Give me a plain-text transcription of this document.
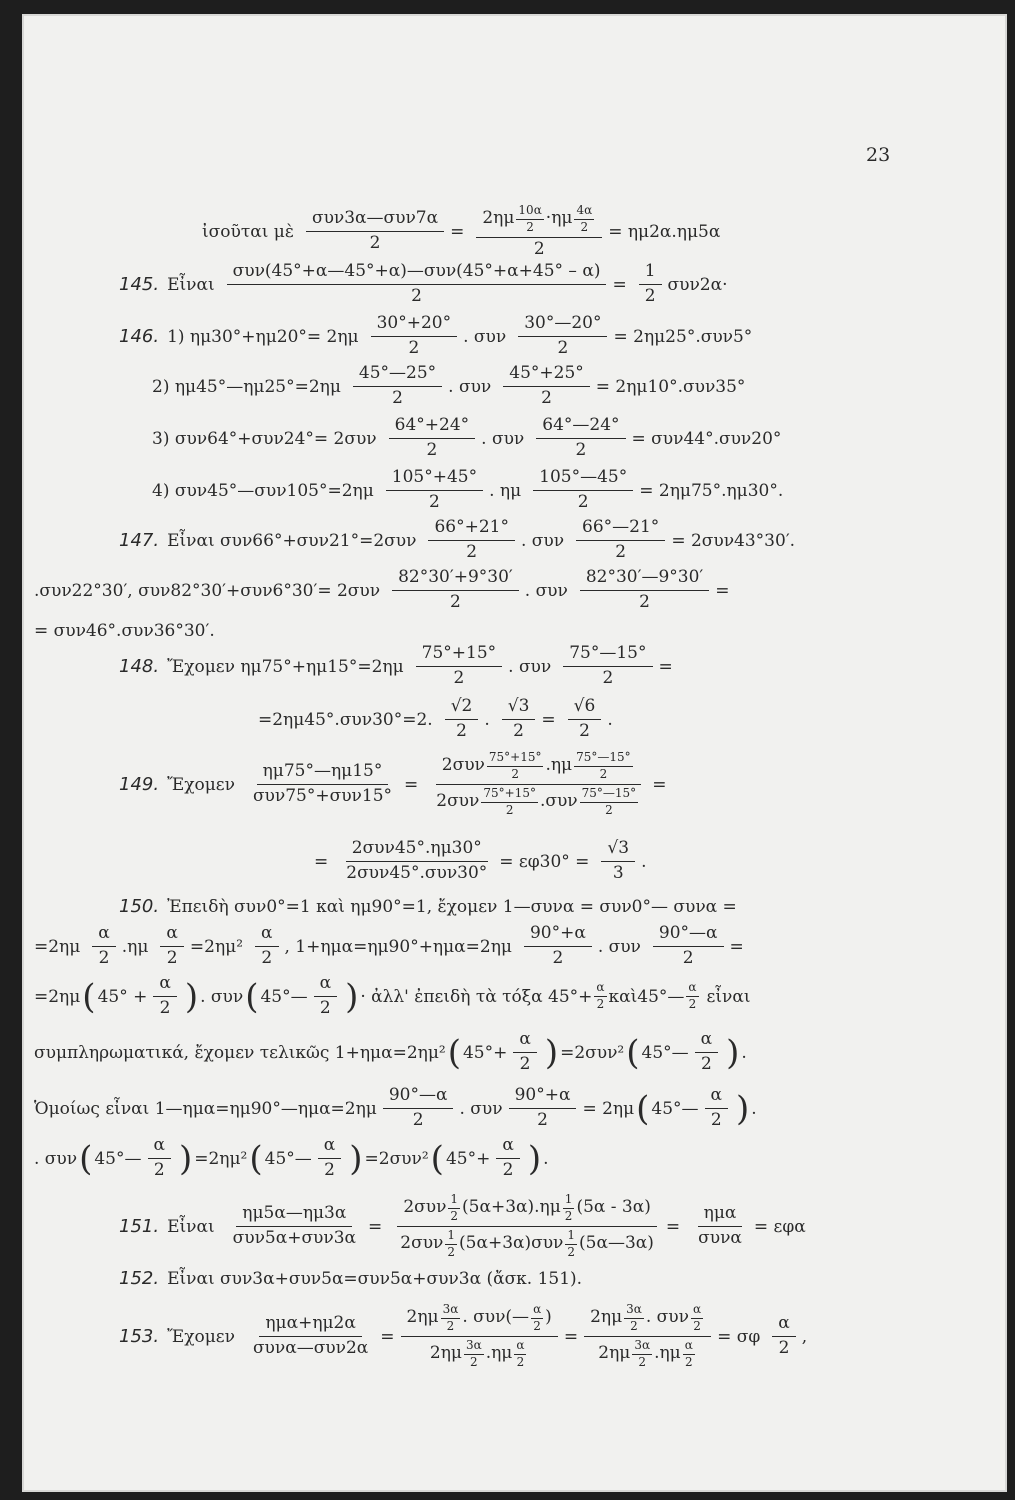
23
ἰσοῦται μὲ $\frac{\text{συν3α—συν7α}}{2} = \frac{2\eta\mu \frac{10\alpha}{2} \cdot\eta\mu \frac{4\alpha}{2}}{2} = \eta\mu 2\alpha.\eta\mu 5\alpha$
145. Εἶναι $\frac{\text{συν(45°+α—45°+α)—συν(45°+α+45° – α)}}{2} = \frac{1}{2} \sigma\upsilon\nu 2\alpha\cdot$
146. 1) $\eta\mu 30^\circ+\eta\mu 20^\circ= 2\eta\mu \frac{30^\circ+20^\circ}{2}$ . συν $\frac{30^\circ—20^\circ}{2} = 2\eta\mu 25^\circ.\sigma\upsilon\nu 5^\circ$
2) ημ45°—ημ25°=2ημ $\frac{45^\circ—25^\circ}{2}$ . συν $\frac{45^\circ+25^\circ}{2} = 2\eta\mu 10^\circ.\sigma\upsilon\nu 35^\circ$
3) $\sigma\upsilon\nu 64^\circ+\sigma\upsilon\nu 24^\circ= 2\sigma\upsilon\nu \frac{64^\circ+24^\circ}{2}$ . συν $\frac{64^\circ—24^\circ}{2} = \sigma\upsilon\nu 44^\circ.\sigma\upsilon\nu 20^\circ$
4) συν45°—συν105°=2ημ $\frac{105^\circ+45^\circ}{2}$ . ημ $\frac{105^\circ—45^\circ}{2} = 2\eta\mu 75^\circ.\eta\mu 30^\circ$.
147. Εἶναι $\sigma\upsilon\nu 66^\circ+\sigma\upsilon\nu 21^\circ=2\sigma\upsilon\nu \frac{66^\circ+21^\circ}{2}$ . συν $\frac{66^\circ—21^\circ}{2} = 2\sigma\upsilon\nu 43^\circ 30'$.
.συν22°30′, $\sigma\upsilon\nu 82^\circ 30'+\sigma\upsilon\nu 6^\circ 30'= 2\sigma\upsilon\nu \frac{82^\circ 30'+9^\circ 30'}{2}$ . συν $\frac{82^\circ 30'—9^\circ 30'}{2}$ =
= συν46°.συν36°30′.
148. Ἔχομεν $\eta\mu 75^\circ+\eta\mu 15^\circ=2\eta\mu \frac{75^\circ+15^\circ}{2}$ . συν $\frac{75^\circ—15^\circ}{2}$ =
=2ημ45°.συν30°=2. $\frac{√2}{2}$ . $\frac{√3}{2} = \frac{√6}{2}$ .
149. Ἔχομεν $\frac{\eta\mu 75^\circ—\eta\mu 15^\circ}{\text{συν75°+συν15°}} = \frac{2\sigma\upsilon\nu \frac{75^\circ+15^\circ}{2} .\eta\mu \frac{75^\circ—15^\circ}{2}}{2\sigma\upsilon\nu \frac{75^\circ+15^\circ}{2} .\sigma\upsilon\nu \frac{75^\circ—15^\circ}{2}}$ =
= $\frac{\text{2συν45°.ημ30°}}{\text{2συν45°.συν30°}} = \varepsilon\varphi 30^\circ = \frac{√3}{3}$ .
150. Ἐπειδὴ συν0°=1 καὶ ημ90°=1, ἔχομεν 1—συνα = συν0°— συνα =
$=2\eta\mu \frac{\alpha}{2} .\eta\mu \frac{\alpha}{2} =2\eta\mu^2 \frac{\alpha}{2}$ , $1+\eta\mu\alpha=\eta\mu 90^\circ+\eta\mu\alpha=2\eta\mu \frac{90^\circ+\alpha}{2}$ . συν $\frac{90^\circ—\alpha}{2}$ =
=2ημ ( $45^\circ + \frac{\alpha}{2}$ ) . συν ( 45°— $\frac{\alpha}{2}$ ) · ἀλλ' ἐπειδὴ τὰ τόξα $45^\circ+ \frac{\alpha}{2}$ καὶ45°— $\frac{\alpha}{2}$ εἶναι
συμπληρωματικά, ἔχομεν τελικῶς 1+ημα=2ημ² ( $45^\circ+ \frac{\alpha}{2}$ ) =2συν² ( 45°— $\frac{\alpha}{2}$ ) .
Ὁμοίως εἶναι 1—ημα=ημ90°—ημα=2ημ $\frac{90^\circ—\alpha}{2}$ . συν $\frac{90^\circ+\alpha}{2} = 2\eta\mu$ ( 45°— $\frac{\alpha}{2}$ ) .
. συν ( 45°— $\frac{\alpha}{2}$ ) =2ημ² ( 45°— $\frac{\alpha}{2}$ ) =2συν² ( $45^\circ+ \frac{\alpha}{2}$ ) .
151. Εἶναι $\frac{\eta\mu 5\alpha—\eta\mu 3\alpha}{\text{συν5α+συν3α}} = \frac{2\sigma\upsilon\nu \frac{1}{2} (5\alpha+3\alpha).\eta\mu \frac{1}{2} (5\alpha - 3\alpha)}{2\sigma\upsilon\nu \frac{1}{2} (5\alpha+3\alpha)\sigma\upsilon\nu \frac{1}{2} (5\alpha—3\alpha)} = \frac{\text{ημα}}{\text{συνα}} = \varepsilon\varphi\alpha$
152. Εἶναι συν3α+συν5α=συν5α+συν3α (ἄσκ. 151).
153. Ἔχομεν $\frac{\text{ημα+ημ2α}}{\text{συνα—συν2α}} = \frac{2\eta\mu \frac{3\alpha}{2} . \sigma\upsilon\nu(— \frac{\alpha}{2} )}{2\eta\mu \frac{3\alpha}{2} .\eta\mu \frac{\alpha}{2}} = \frac{2\eta\mu \frac{3\alpha}{2} . \sigma\upsilon\nu \frac{\alpha}{2}}{2\eta\mu \frac{3\alpha}{2} .\eta\mu \frac{\alpha}{2}} = \sigma\varphi \frac{\alpha}{2}$ ,
